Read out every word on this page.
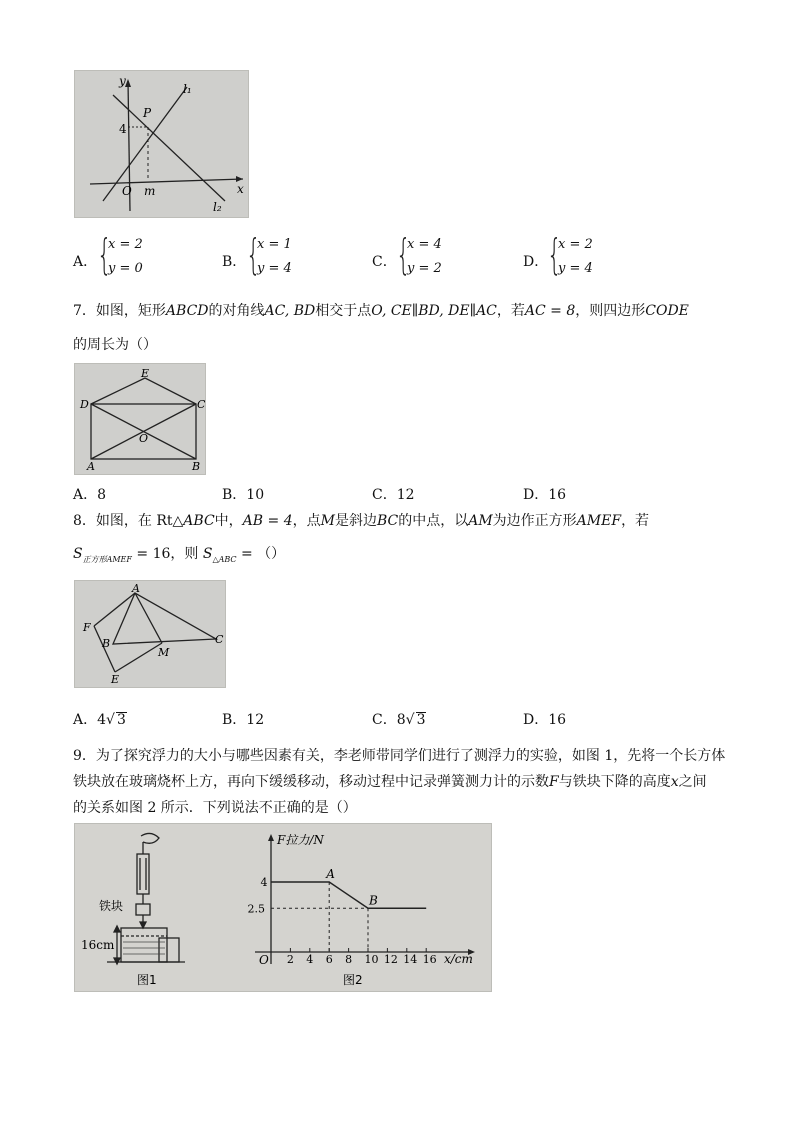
y
x
l₁
l₂
P
4
O m
A． {
x = 2
y = 0	B． {
x = 1
y = 4	C． {
x = 4
y = 2	D．
{
x = 2
y = 4
7．如图，矩形ABCD的对角线AC, BD相交于点O, CE∥BD, DE∥AC，若AC = 8，则四边形CODE
的周长为（）
E
D	C
O
A	B
A．8	B．10	C．12	D．16
8．如图，在 Rt△ABC中，AB = 4，点M是斜边BC的中点，以AM为边作正方形AMEF，若
$S_{正方形AMEF} = 16$，则 $S_{\triangle ABC}$ = （）
A
F
B
M
C
E
A．4√ 3	B．12	C．8√ 3	D．16
9．为了探究浮力的大小与哪些因素有关，李老师带同学们进行了测浮力的实验，如图 1，先将一个长方体
铁块放在玻璃烧杯上方，再向下缓缓移动，移动过程中记录弹簧测力计的示数F与铁块下降的高度x之间
的关系如图 2 所示．下列说法不正确的是（）
铁块
16cm
图1
F拉力/N
x/cm
O
图2
2 4 6 8 10 12 14 16
4
2.5
A
B
